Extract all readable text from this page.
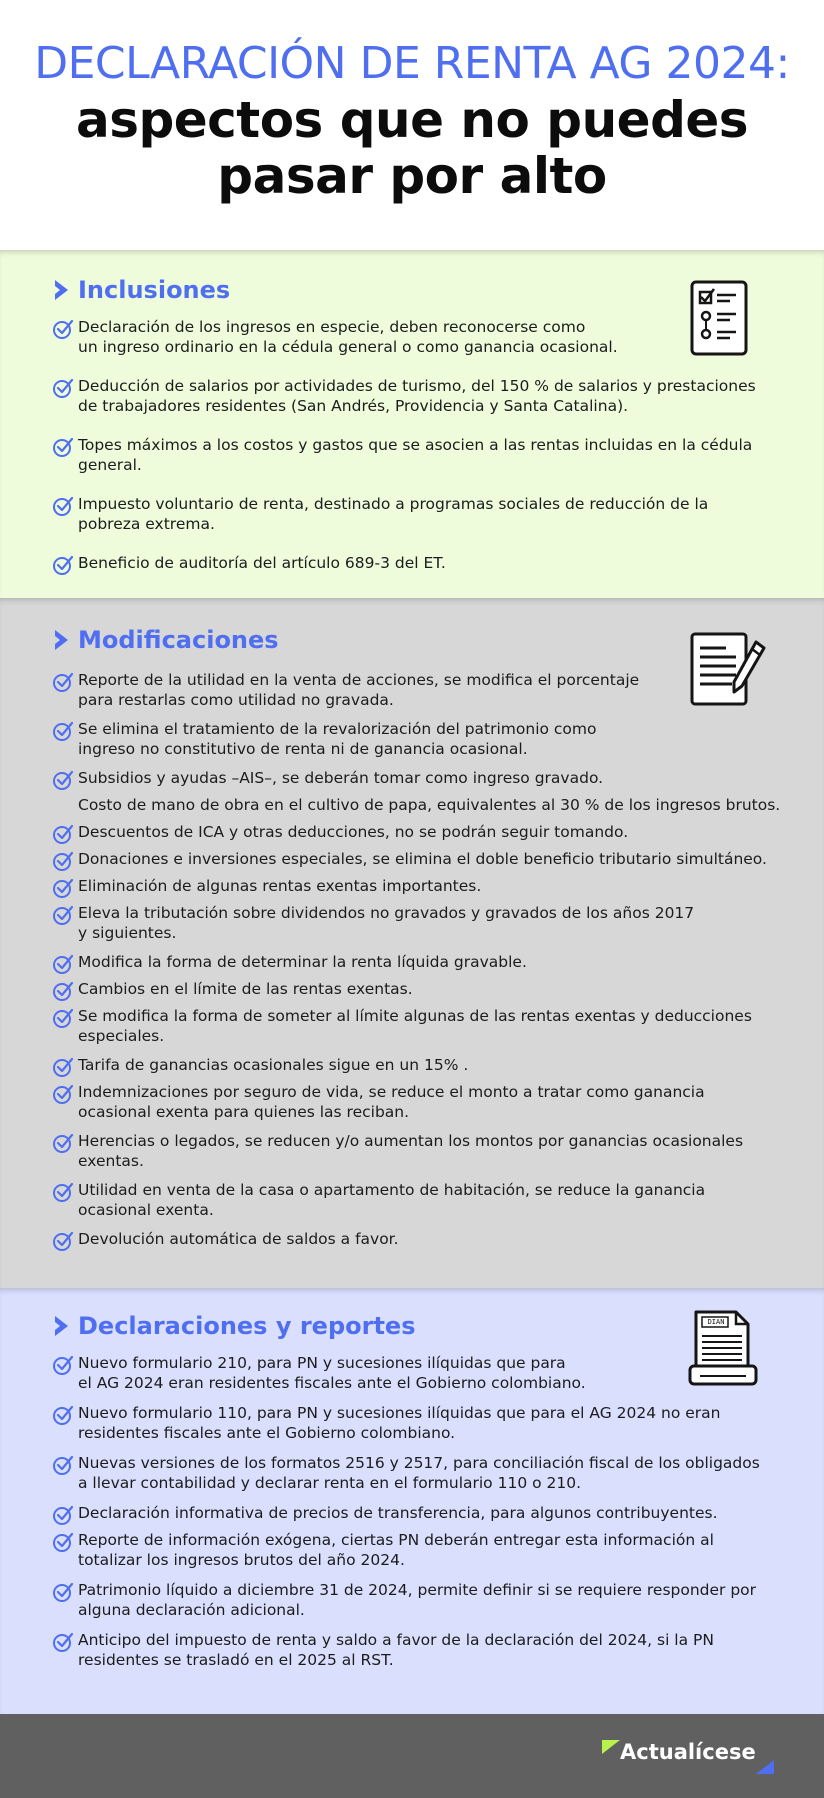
DECLARACIÓN DE RENTA AG 2024:
aspectos que no puedes
pasar por alto
Inclusiones
Declaración de los ingresos en especie, deben reconocerse como
un ingreso ordinario en la cédula general o como ganancia ocasional.
Deducción de salarios por actividades de turismo, del 150 % de salarios y prestaciones
de trabajadores residentes (San Andrés, Providencia y Santa Catalina).
Topes máximos a los costos y gastos que se asocien a las rentas incluidas en la cédula
general.
Impuesto voluntario de renta, destinado a programas sociales de reducción de la
pobreza extrema.
Beneficio de auditoría del artículo 689-3 del ET.
Modificaciones
Reporte de la utilidad en la venta de acciones, se modifica el porcentaje
para restarlas como utilidad no gravada.
Se elimina el tratamiento de la revalorización del patrimonio como
ingreso no constitutivo de renta ni de ganancia ocasional.
Subsidios y ayudas –AIS–, se deberán tomar como ingreso gravado.
Costo de mano de obra en el cultivo de papa, equivalentes al 30 % de los ingresos brutos.
Descuentos de ICA y otras deducciones, no se podrán seguir tomando.
Donaciones e inversiones especiales, se elimina el doble beneficio tributario simultáneo.
Eliminación de algunas rentas exentas importantes.
Eleva la tributación sobre dividendos no gravados y gravados de los años 2017
y siguientes.
Modifica la forma de determinar la renta líquida gravable.
Cambios en el límite de las rentas exentas.
Se modifica la forma de someter al límite algunas de las rentas exentas y deducciones
especiales.
Tarifa de ganancias ocasionales sigue en un 15% .
Indemnizaciones por seguro de vida, se reduce el monto a tratar como ganancia
ocasional exenta para quienes las reciban.
Herencias o legados, se reducen y/o aumentan los montos por ganancias ocasionales
exentas.
Utilidad en venta de la casa o apartamento de habitación, se reduce la ganancia
ocasional exenta.
Devolución automática de saldos a favor.
Declaraciones y reportes	DIAN
Nuevo formulario 210, para PN y sucesiones ilíquidas que para
el AG 2024 eran residentes fiscales ante el Gobierno colombiano.
Nuevo formulario 110, para PN y sucesiones ilíquidas que para el AG 2024 no eran
residentes fiscales ante el Gobierno colombiano.
Nuevas versiones de los formatos 2516 y 2517, para conciliación fiscal de los obligados
a llevar contabilidad y declarar renta en el formulario 110 o 210.
Declaración informativa de precios de transferencia, para algunos contribuyentes.
Reporte de información exógena, ciertas PN deberán entregar esta información al
totalizar los ingresos brutos del año 2024.
Patrimonio líquido a diciembre 31 de 2024, permite definir si se requiere responder por
alguna declaración adicional.
Anticipo del impuesto de renta y saldo a favor de la declaración del 2024, si la PN
residentes se trasladó en el 2025 al RST.
Actualícese
